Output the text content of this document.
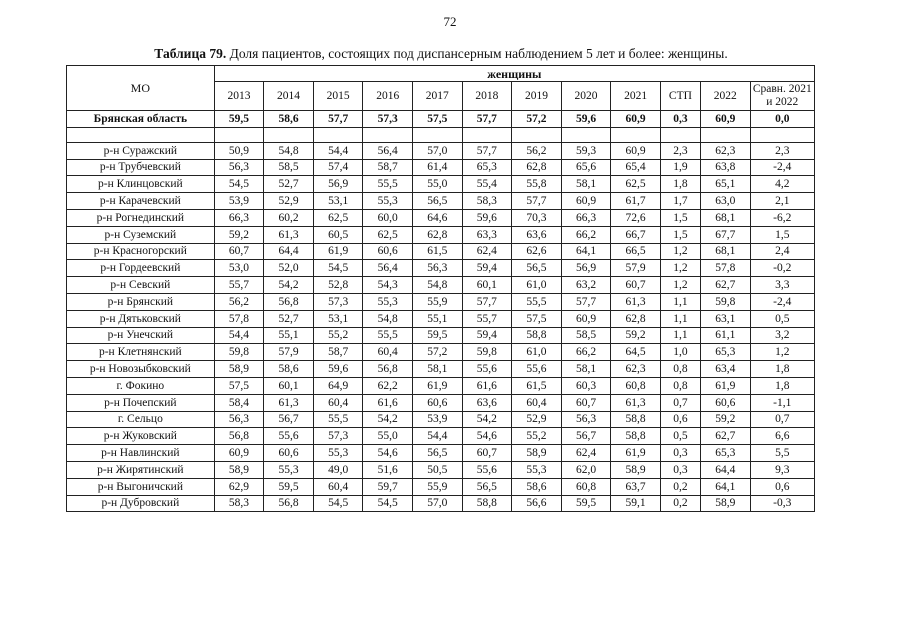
72
Таблица 79. Доля пациентов, состоящих под диспансерным наблюдением 5 лет и более: женщины.
МО	женщины											
	2013	2014	2015	2016	2017	2018	2019	2020	2021	СТП	2022	Сравн. 2021 и 2022
Брянская область	59,5	58,6	57,7	57,3	57,5	57,7	57,2	59,6	60,9	0,3	60,9	0,0

р-н Суражский	50,9	54,8	54,4	56,4	57,0	57,7	56,2	59,3	60,9	2,3	62,3	2,3
р-н Трубчевский	56,3	58,5	57,4	58,7	61,4	65,3	62,8	65,6	65,4	1,9	63,8	-2,4
р-н Клинцовский	54,5	52,7	56,9	55,5	55,0	55,4	55,8	58,1	62,5	1,8	65,1	4,2
р-н Карачевский	53,9	52,9	53,1	55,3	56,5	58,3	57,7	60,9	61,7	1,7	63,0	2,1
р-н Рогнединский	66,3	60,2	62,5	60,0	64,6	59,6	70,3	66,3	72,6	1,5	68,1	-6,2
р-н Суземский	59,2	61,3	60,5	62,5	62,8	63,3	63,6	66,2	66,7	1,5	67,7	1,5
р-н Красногорский	60,7	64,4	61,9	60,6	61,5	62,4	62,6	64,1	66,5	1,2	68,1	2,4
р-н Гордеевский	53,0	52,0	54,5	56,4	56,3	59,4	56,5	56,9	57,9	1,2	57,8	-0,2
р-н Севский	55,7	54,2	52,8	54,3	54,8	60,1	61,0	63,2	60,7	1,2	62,7	3,3
р-н Брянский	56,2	56,8	57,3	55,3	55,9	57,7	55,5	57,7	61,3	1,1	59,8	-2,4
р-н Дятьковский	57,8	52,7	53,1	54,8	55,1	55,7	57,5	60,9	62,8	1,1	63,1	0,5
р-н Унечский	54,4	55,1	55,2	55,5	59,5	59,4	58,8	58,5	59,2	1,1	61,1	3,2
р-н Клетнянский	59,8	57,9	58,7	60,4	57,2	59,8	61,0	66,2	64,5	1,0	65,3	1,2
р-н Новозыбковский	58,9	58,6	59,6	56,8	58,1	55,6	55,6	58,1	62,3	0,8	63,4	1,8
г. Фокино	57,5	60,1	64,9	62,2	61,9	61,6	61,5	60,3	60,8	0,8	61,9	1,8
р-н Почепский	58,4	61,3	60,4	61,6	60,6	63,6	60,4	60,7	61,3	0,7	60,6	-1,1
г. Сельцо	56,3	56,7	55,5	54,2	53,9	54,2	52,9	56,3	58,8	0,6	59,2	0,7
р-н Жуковский	56,8	55,6	57,3	55,0	54,4	54,6	55,2	56,7	58,8	0,5	62,7	6,6
р-н Навлинский	60,9	60,6	55,3	54,6	56,5	60,7	58,9	62,4	61,9	0,3	65,3	5,5
р-н Жирятинский	58,9	55,3	49,0	51,6	50,5	55,6	55,3	62,0	58,9	0,3	64,4	9,3
р-н Выгоничский	62,9	59,5	60,4	59,7	55,9	56,5	58,6	60,8	63,7	0,2	64,1	0,6
р-н Дубровский	58,3	56,8	54,5	54,5	57,0	58,8	56,6	59,5	59,1	0,2	58,9	-0,3
